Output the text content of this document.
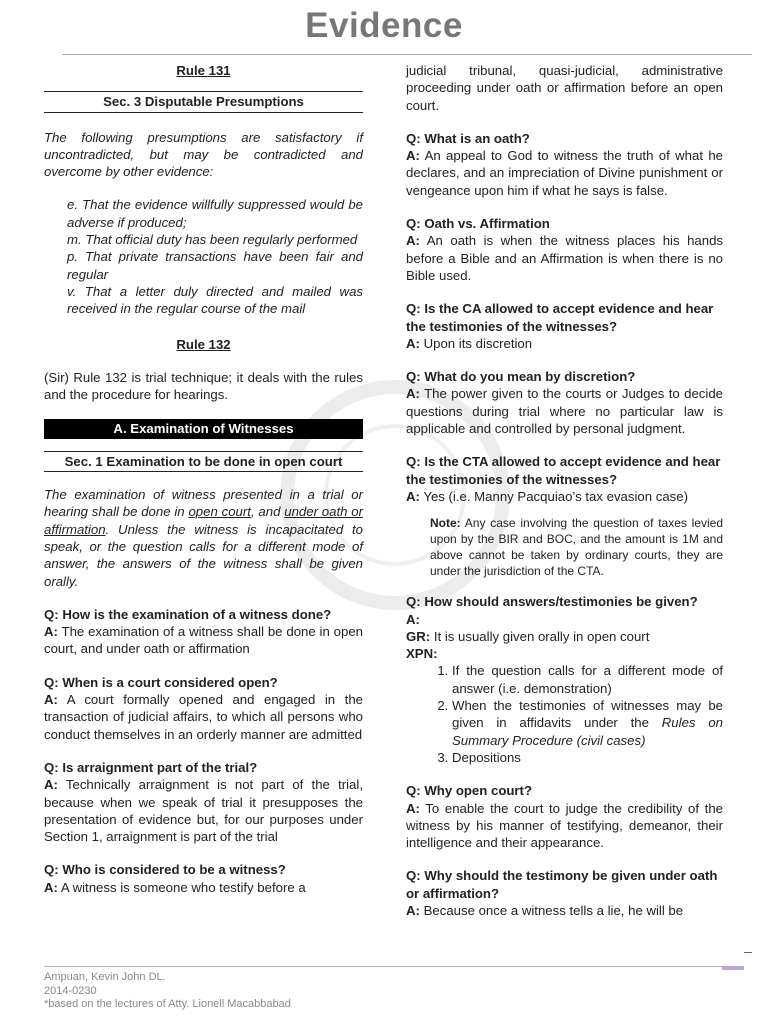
Evidence

Rule 131

Sec. 3 Disputable Presumptions

The following presumptions are satisfactory if uncontradicted, but may be contradicted and overcome by other evidence:

e. That the evidence willfully suppressed would be adverse if produced;

m. That official duty has been regularly performed

p. That private transactions have been fair and regular

v. That a letter duly directed and mailed was received in the regular course of the mail

Rule 132

(Sir) Rule 132 is trial technique; it deals with the rules and the procedure for hearings.

A. Examination of Witnesses

Sec. 1 Examination to be done in open court

The examination of witness presented in a trial or hearing shall be done in open court, and under oath or affirmation. Unless the witness is incapacitated to speak, or the question calls for a different mode of answer, the answers of the witness shall be given orally.

Q: How is the examination of a witness done?

A: The examination of a witness shall be done in open court, and under oath or affirmation

Q: When is a court considered open?

A: A court formally opened and engaged in the transaction of judicial affairs, to which all persons who conduct themselves in an orderly manner are admitted

Q: Is arraignment part of the trial?

A: Technically arraignment is not part of the trial, because when we speak of trial it presupposes the presentation of evidence but, for our purposes under Section 1, arraignment is part of the trial

Q: Who is considered to be a witness?

A: A witness is someone who testify before a

judicial tribunal, quasi-judicial, administrative proceeding under oath or affirmation before an open court.

Q: What is an oath?

A: An appeal to God to witness the truth of what he declares, and an impreciation of Divine punishment or vengeance upon him if what he says is false.

Q: Oath vs. Affirmation

A: An oath is when the witness places his hands before a Bible and an Affirmation is when there is no Bible used.

Q: Is the CA allowed to accept evidence and hear the testimonies of the witnesses?

A: Upon its discretion

Q: What do you mean by discretion?

A: The power given to the courts or Judges to decide questions during trial where no particular law is applicable and controlled by personal judgment.

Q: Is the CTA allowed to accept evidence and hear the testimonies of the witnesses?

A: Yes (i.e. Manny Pacquiao’s tax evasion case)

Note: Any case involving the question of taxes levied upon by the BIR and BOC, and the amount is 1M and above cannot be taken by ordinary courts, they are under the jurisdiction of the CTA.

Q: How should answers/testimonies be given?

A:

GR: It is usually given orally in open court

XPN:

1. If the question calls for a different mode of answer (i.e. demonstration)
2. When the testimonies of witnesses may be given in affidavits under the Rules on Summary Procedure (civil cases)
3. Depositions

Q: Why open court?

A: To enable the court to judge the credibility of the witness by his manner of testifying, demeanor, their intelligence and their appearance.

Q: Why should the testimony be given under oath or affirmation?

A: Because once a witness tells a lie, he will be

Ampuan, Kevin John DL.
2014-0230
*based on the lectures of Atty. Lionell Macabbabad
